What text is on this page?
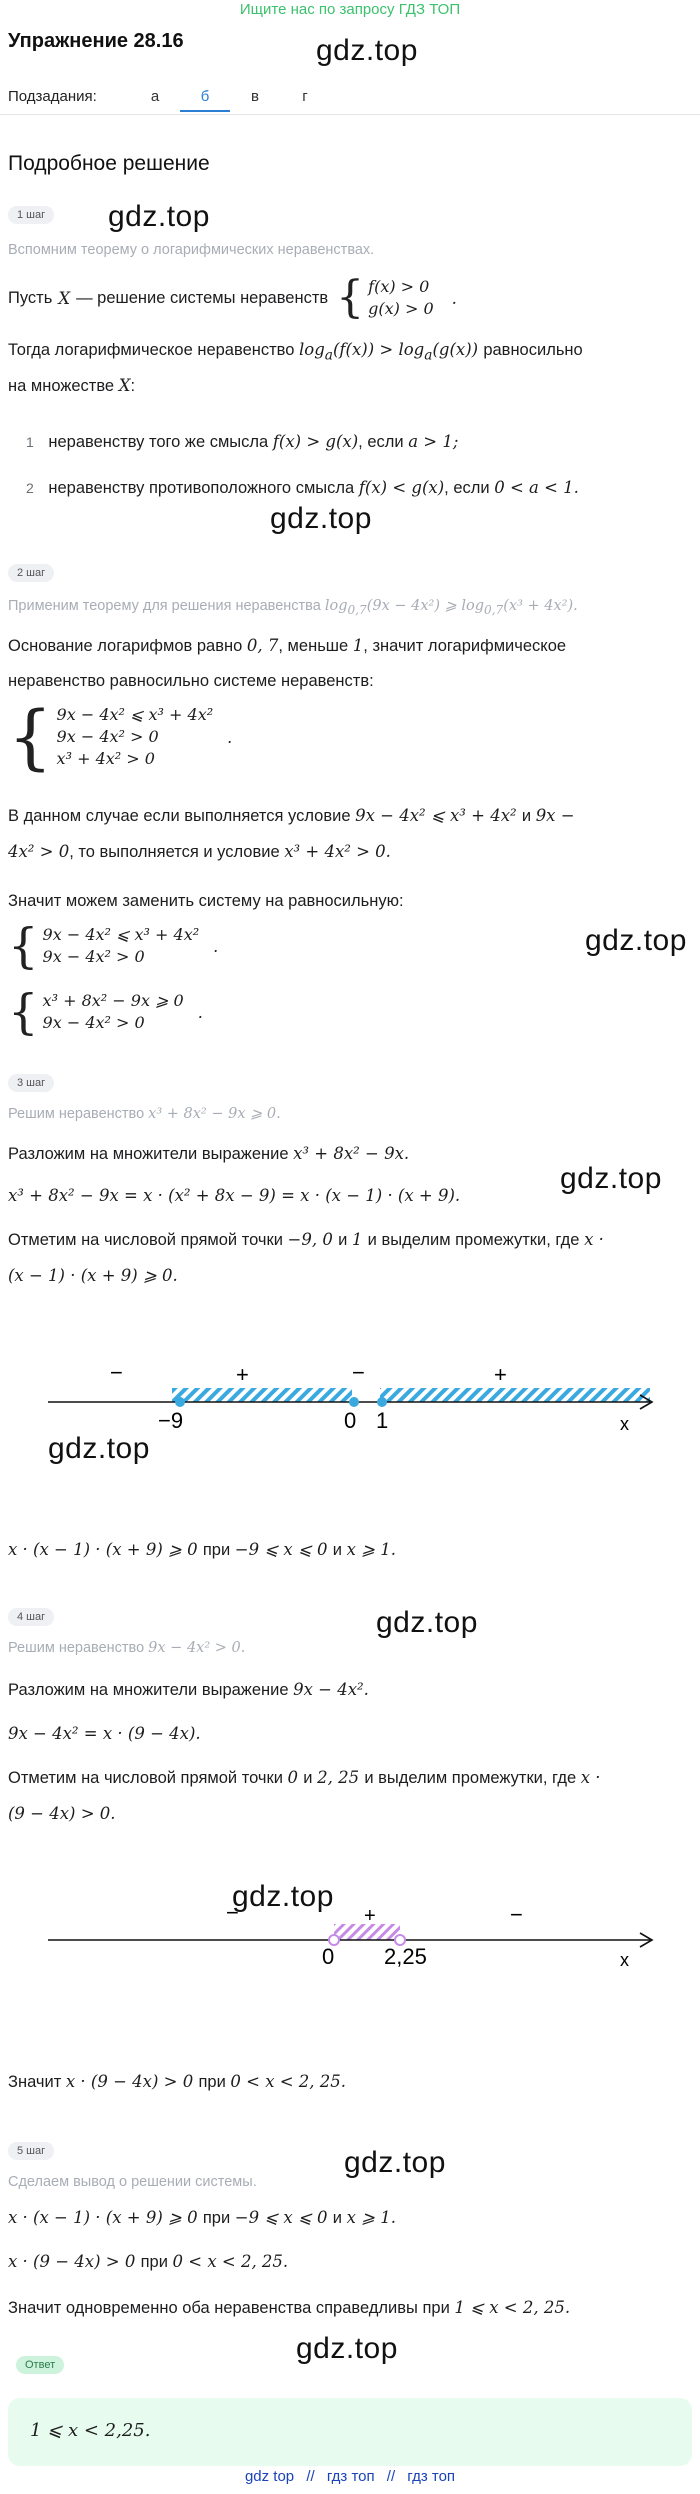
Ищите нас по запросу ГДЗ ТОП
Упражнение 28.16	gdz.top
gdz.top
gdz.top
gdz.top
gdz.top
gdz.top
gdz.top
gdz.top
gdz.top
gdz.top
Подзадания:	а	б	в	г
Подробное решение
1 шаг
Вспомним теорему о логарифмических неравенствах.
Пусть X — решение системы неравенств { f(x) > 0
g(x) > 0
.
Тогда логарифмическое неравенство $\log_a(f(x)) > \log_a(g(x))$ равносильно
на множестве X:
1 неравенству того же смысла f(x) > g(x), если a > 1;
2 неравенству противоположного смысла f(x) < g(x), если 0 < a < 1.
2 шаг
Применим теорему для решения неравенства $\log_{0,7}(9x - 4x^2)$ ⩾ $\log_{0,7}(x^3 + 4x^2)$.
Основание логарифмов равно 0, 7, меньше 1, значит логарифмическое
неравенство равносильно системе неравенств:
{ 9x − 4x² ⩽ x³ + 4x²
9x − 4x² > 0
x³ + 4x² > 0
.
В данном случае если выполняется условие 9x − 4x² ⩽ x³ + 4x² и 9x −
4x² > 0, то выполняется и условие x³ + 4x² > 0.
Значит можем заменить систему на равносильную:
{ 9x − 4x² ⩽ x³ + 4x²
9x − 4x² > 0
.
{ x³ + 8x² − 9x ⩾ 0
9x − 4x² > 0
.
3 шаг
Решим неравенство x³ + 8x² − 9x ⩾ 0.
Разложим на множители выражение x³ + 8x² − 9x.
x³ + 8x² − 9x = x · (x² + 8x − 9) = x · (x − 1) · (x + 9).
Отметим на числовой прямой точки −9, 0 и 1 и выделим промежутки, где x ·
(x − 1) · (x + 9) ⩾ 0.
−	+	−	+
−9	0 1	x
x · (x − 1) · (x + 9) ⩾ 0 при −9 ⩽ x ⩽ 0 и x ⩾ 1.
4 шаг
Решим неравенство 9x − 4x² > 0.
Разложим на множители выражение 9x − 4x².
9x − 4x² = x · (9 − 4x).
Отметим на числовой прямой точки 0 и 2, 25 и выделим промежутки, где x ·
(9 − 4x) > 0.
−	+	−
0 2,25	x
Значит x · (9 − 4x) > 0 при 0 < x < 2, 25.
5 шаг
Сделаем вывод о решении системы.
x · (x − 1) · (x + 9) ⩾ 0 при −9 ⩽ x ⩽ 0 и x ⩾ 1.
x · (9 − 4x) > 0 при 0 < x < 2, 25.
Значит одновременно оба неравенства справедливы при 1 ⩽ x < 2, 25.
Ответ
1 ⩽ x < 2,25.
gdz top // гдз топ // гдз топ
